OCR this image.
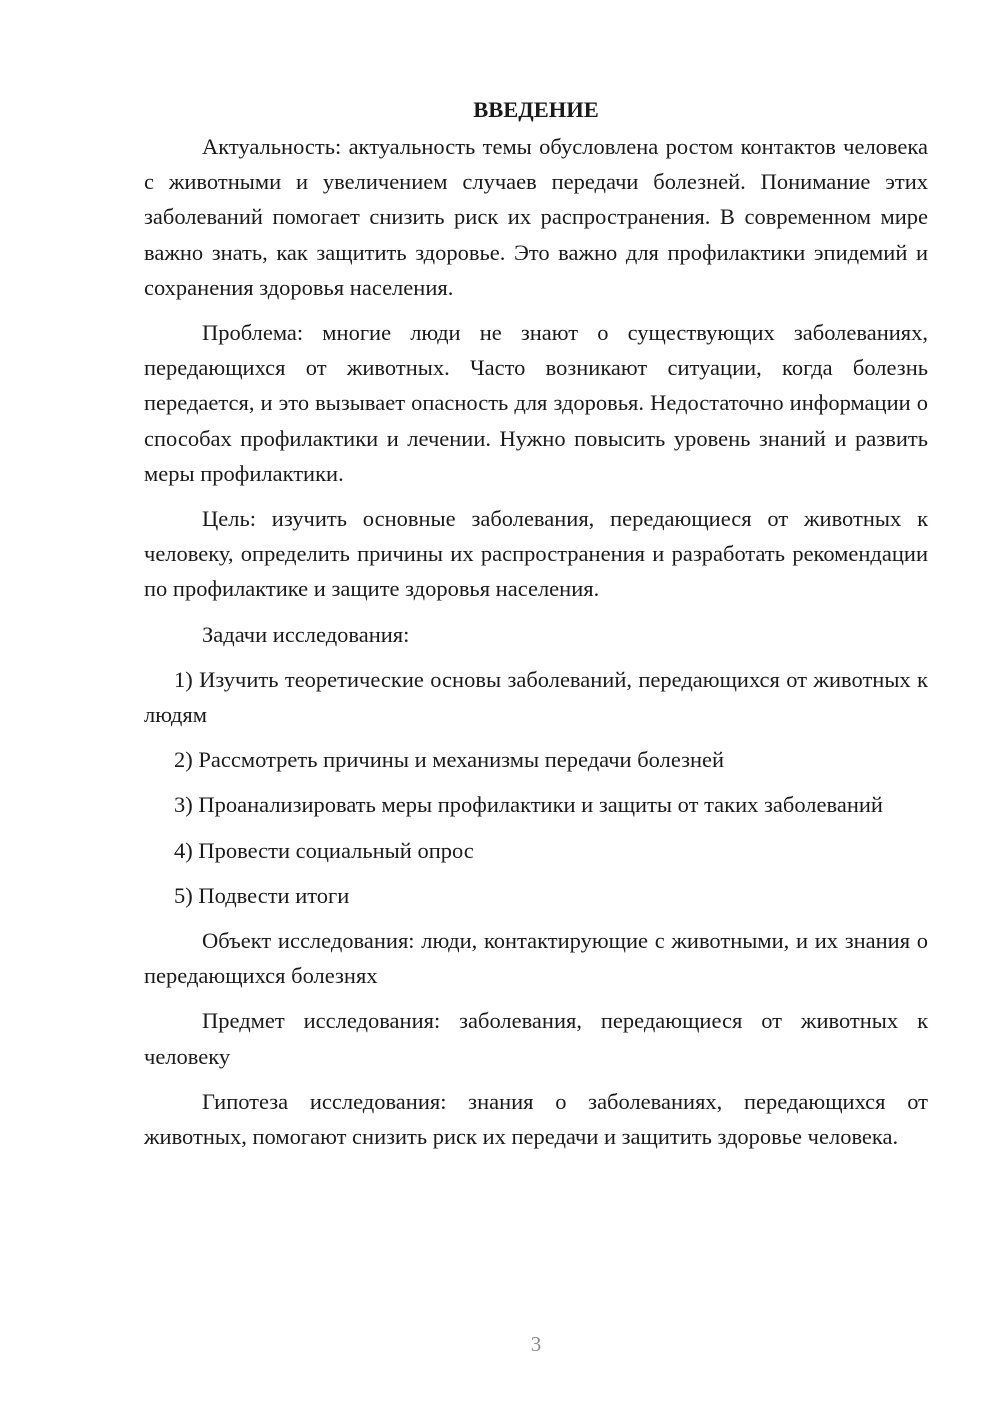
ВВЕДЕНИЕ

Актуальность: актуальность темы обусловлена ростом контактов человека с животными и увеличением случаев передачи болезней. Понимание этих заболеваний помогает снизить риск их распространения. В современном мире важно знать, как защитить здоровье. Это важно для профилактики эпидемий и сохранения здоровья населения.

Проблема: многие люди не знают о существующих заболеваниях, передающихся от животных. Часто возникают ситуации, когда болезнь передается, и это вызывает опасность для здоровья. Недостаточно информации о способах профилактики и лечении. Нужно повысить уровень знаний и развить меры профилактики.

Цель: изучить основные заболевания, передающиеся от животных к человеку, определить причины их распространения и разработать рекомендации по профилактике и защите здоровья населения.

Задачи исследования:

1) Изучить теоретические основы заболеваний, передающихся от животных к людям

2) Рассмотреть причины и механизмы передачи болезней

3) Проанализировать меры профилактики и защиты от таких заболеваний

4) Провести социальный опрос

5) Подвести итоги

Объект исследования: люди, контактирующие с животными, и их знания о передающихся болезнях

Предмет исследования: заболевания, передающиеся от животных к человеку

Гипотеза исследования: знания о заболеваниях, передающихся от животных, помогают снизить риск их передачи и защитить здоровье человека.

3
